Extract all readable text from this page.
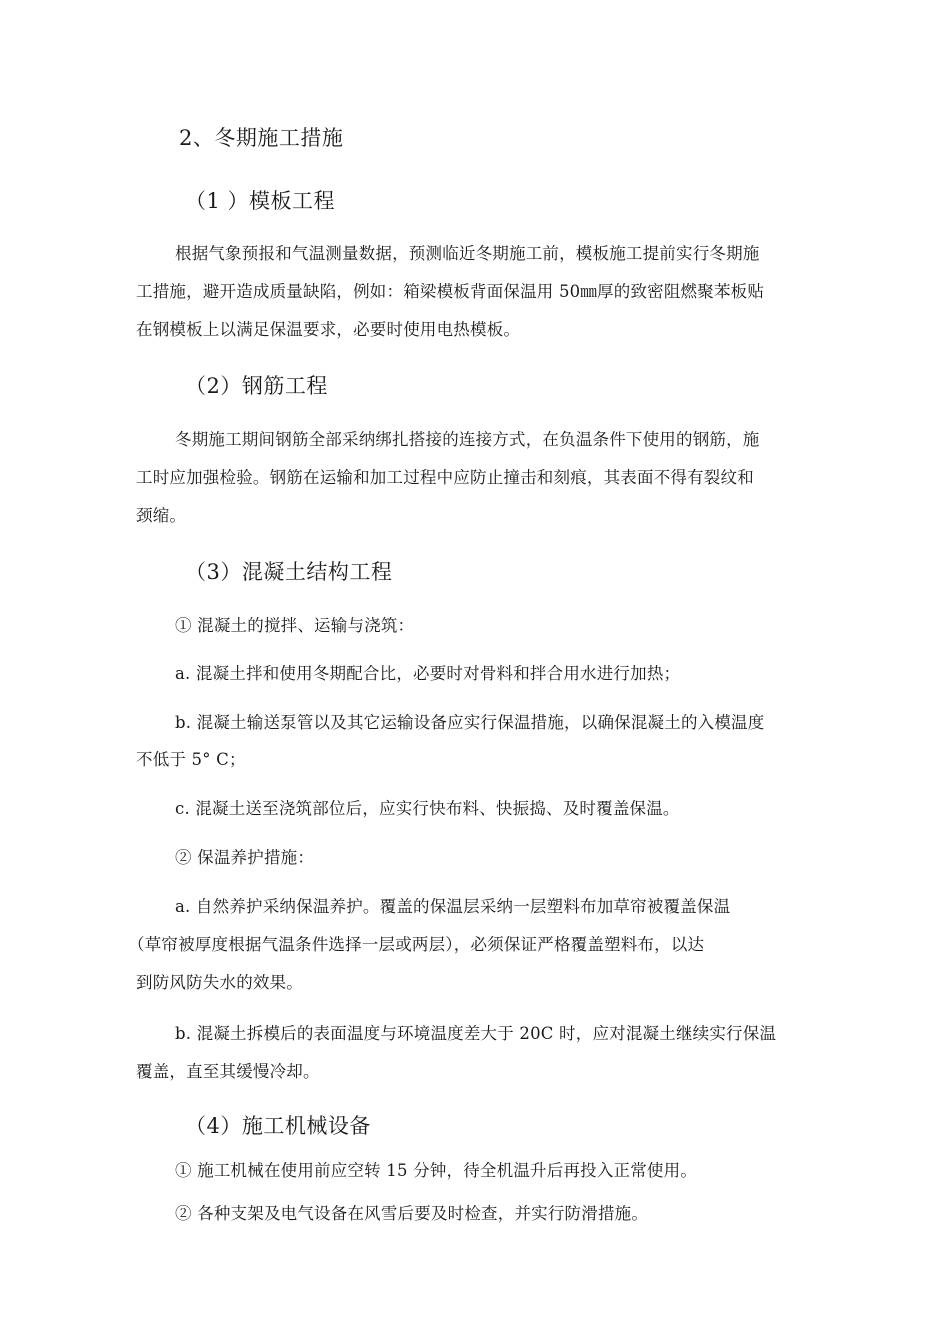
2、冬期施工措施
（1 ）模板工程
根据气象预报和气温测量数据，预测临近冬期施工前，模板施工提前实行冬期施
工措施，避开造成质量缺陷，例如：箱梁模板背面保温用 50㎜厚的致密阻燃聚苯板贴
在钢模板上以满足保温要求，必要时使用电热模板。
（2）钢筋工程
冬期施工期间钢筋全部采纳绑扎搭接的连接方式，在负温条件下使用的钢筋，施
工时应加强检验。钢筋在运输和加工过程中应防止撞击和刻痕，其表面不得有裂纹和
颈缩。
（3）混凝土结构工程
① 混凝土的搅拌、运输与浇筑：
a. 混凝土拌和使用冬期配合比，必要时对骨料和拌合用水进行加热；
b. 混凝土输送泵管以及其它运输设备应实行保温措施，以确保混凝土的入模温度
不低于 5° C；
c. 混凝土送至浇筑部位后，应实行快布料、快振捣、及时覆盖保温。
② 保温养护措施：
a. 自然养护采纳保温养护。覆盖的保温层采纳一层塑料布加草帘被覆盖保温
（草帘被厚度根据气温条件选择一层或两层），必须保证严格覆盖塑料布，以达
到防风防失水的效果。
b. 混凝土拆模后的表面温度与环境温度差大于 20C 时，应对混凝土继续实行保温
覆盖，直至其缓慢冷却。
（4）施工机械设备
① 施工机械在使用前应空转 15 分钟，待全机温升后再投入正常使用。
② 各种支架及电气设备在风雪后要及时检查，并实行防滑措施。
